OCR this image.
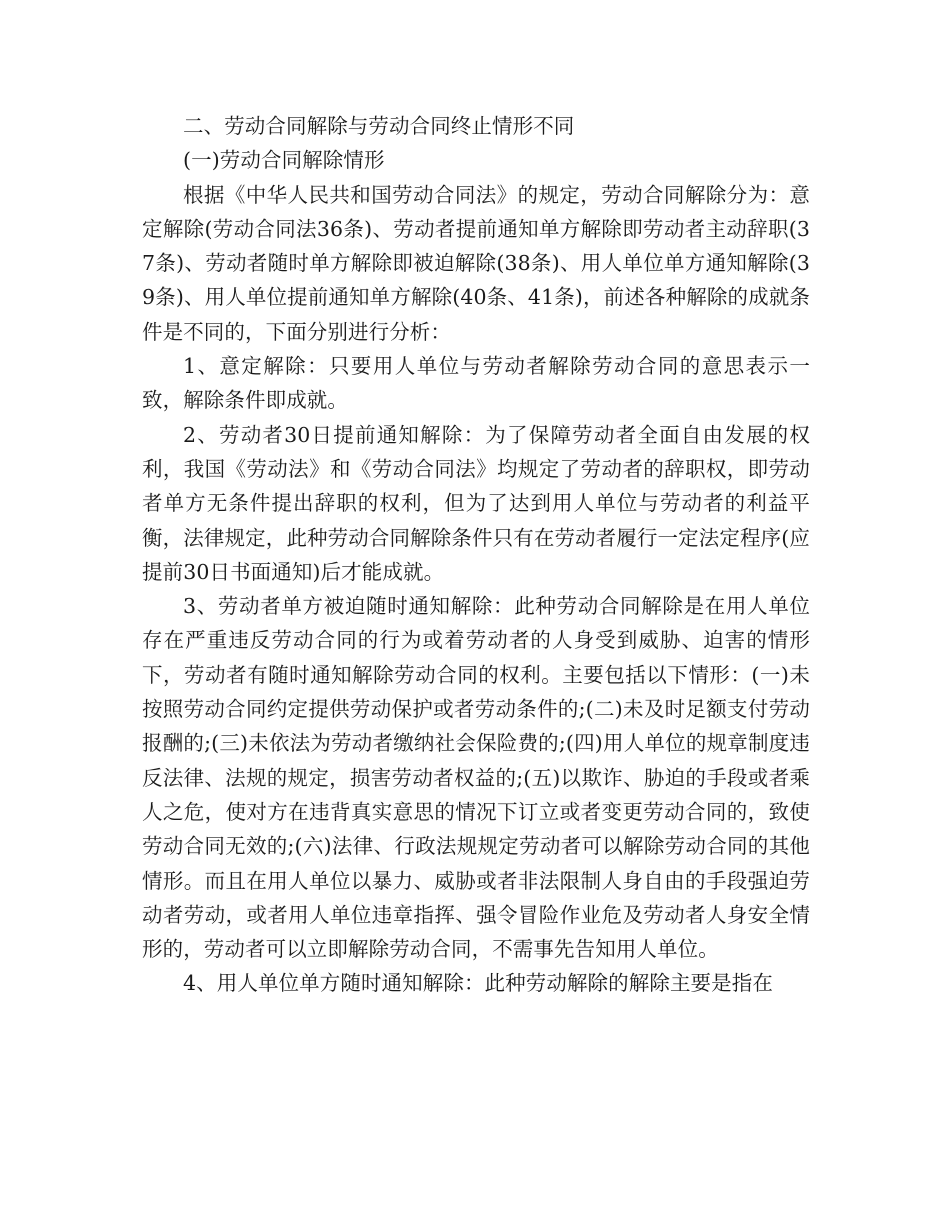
二、劳动合同解除与劳动合同终止情形不同

(一)劳动合同解除情形

根据《中华人民共和国劳动合同法》的规定，劳动合同解除分为：意定解除(劳动合同法36条)、劳动者提前通知单方解除即劳动者主动辞职(37条)、劳动者随时单方解除即被迫解除(38条)、用人单位单方通知解除(39条)、用人单位提前通知单方解除(40条、41条)，前述各种解除的成就条件是不同的，下面分别进行分析：

1、意定解除：只要用人单位与劳动者解除劳动合同的意思表示一致，解除条件即成就。

2、劳动者30日提前通知解除：为了保障劳动者全面自由发展的权利，我国《劳动法》和《劳动合同法》均规定了劳动者的辞职权，即劳动者单方无条件提出辞职的权利，但为了达到用人单位与劳动者的利益平衡，法律规定，此种劳动合同解除条件只有在劳动者履行一定法定程序(应提前30日书面通知)后才能成就。

3、劳动者单方被迫随时通知解除：此种劳动合同解除是在用人单位存在严重违反劳动合同的行为或着劳动者的人身受到威胁、迫害的情形下，劳动者有随时通知解除劳动合同的权利。主要包括以下情形：(一)未按照劳动合同约定提供劳动保护或者劳动条件的;(二)未及时足额支付劳动报酬的;(三)未依法为劳动者缴纳社会保险费的;(四)用人单位的规章制度违反法律、法规的规定，损害劳动者权益的;(五)以欺诈、胁迫的手段或者乘人之危，使对方在违背真实意思的情况下订立或者变更劳动合同的，致使劳动合同无效的;(六)法律、行政法规规定劳动者可以解除劳动合同的其他情形。而且在用人单位以暴力、威胁或者非法限制人身自由的手段强迫劳动者劳动，或者用人单位违章指挥、强令冒险作业危及劳动者人身安全情形的，劳动者可以立即解除劳动合同，不需事先告知用人单位。

4、用人单位单方随时通知解除：此种劳动解除的解除主要是指在
